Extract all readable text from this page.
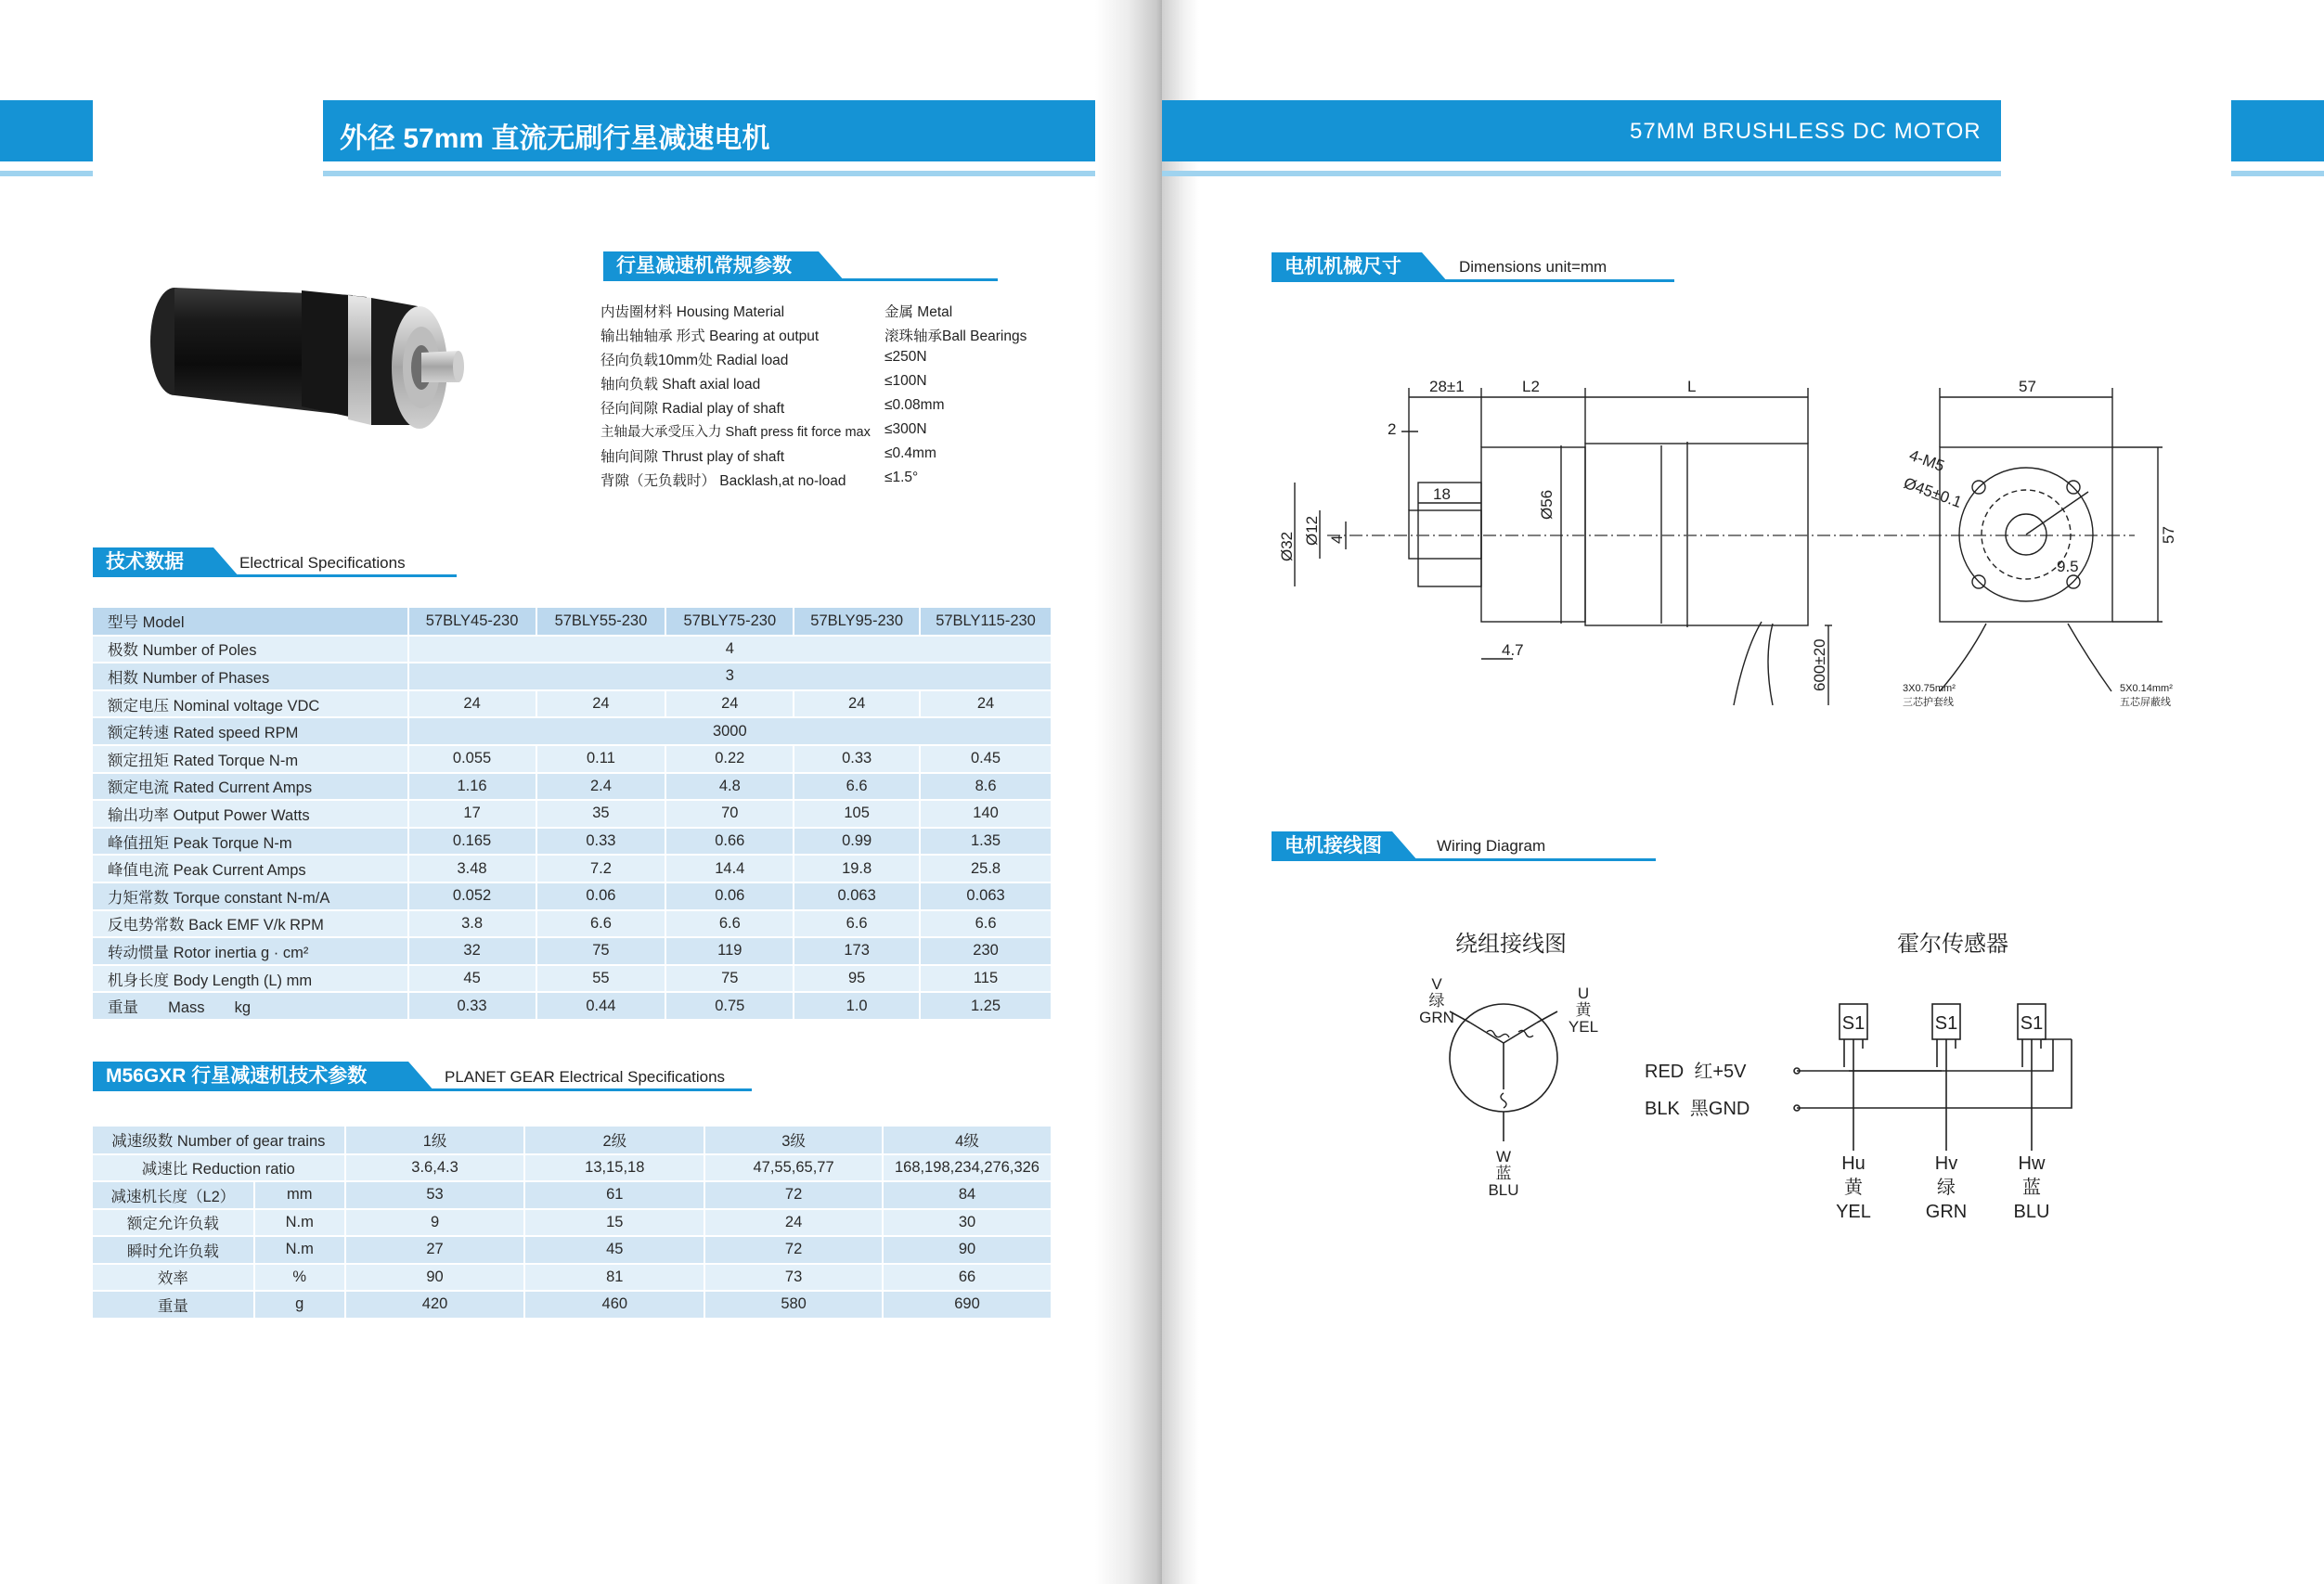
外径 57mm 直流无刷行星减速电机
行星减速机常规参数
内齿圈材料 Housing Material	金属 Metal
输出轴轴承 形式 Bearing at output	滚珠轴承Ball Bearings
径向负载10mm处 Radial load	≤250N
轴向负载 Shaft axial load	≤100N
径向间隙 Radial play of shaft	≤0.08mm
主轴最大承受压入力 Shaft press fit force max ≤300N
轴向间隙 Thrust play of shaft	≤0.4mm
背隙（无负载时） Backlash,at no-load	≤1.5°
技术数据	Electrical Specifications
型号 Model	57BLY45-230	57BLY55-230	57BLY75-230	57BLY95-230	57BLY115-230
极数 Number of Poles	4				
相数 Number of Phases	3				
额定电压 Nominal voltage VDC	24	24	24	24	24
额定转速 Rated speed RPM	3000				
额定扭矩 Rated Torque N-m	0.055	0.11	0.22	0.33	0.45
额定电流 Rated Current Amps	1.16	2.4	4.8	6.6	8.6
输出功率 Output Power Watts	17	35	70	105	140
峰值扭矩 Peak Torque N-m	0.165	0.33	0.66	0.99	1.35
峰值电流 Peak Current Amps	3.48	7.2	14.4	19.8	25.8
力矩常数 Torque constant N-m/A	0.052	0.06	0.06	0.063	0.063
反电势常数 Back EMF V/k RPM	3.8	6.6	6.6	6.6	6.6
转动惯量 Rotor inertia g · cm²	32	75	119	173	230
机身长度 Body Length (L) mm	45	55	75	95	115
重量       Mass       kg	0.33	0.44	0.75	1.0	1.25
M56GXR 行星减速机技术参数	PLANET GEAR Electrical Specifications
减速级数 Number of gear trains		1级	2级	3级	4级
减速比 Reduction ratio		3.6,4.3	13,15,18	47,55,65,77	168,198,234,276,326
减速机长度（L2）	mm	53	61	72	84
额定允许负载	N.m	9	15	24	30
瞬时允许负载	N.m	27	45	72	90
效率	%	90	81	73	66
重量	g	420	460	580	690
57MM BRUSHLESS DC MOTOR
电机机械尺寸	Dimensions unit=mm
28±1	L2	L
2
18	Ø56
4.7
Ø32
Ø12 4
600±20
57
57
4-M5
Ø45±0.1
9.5
3X0.75mm²
三芯护套线
5X0.14mm²
五芯屏蔽线
电机接线图	Wiring Diagram
绕组接线图	霍尔传感器
V
绿
GRN
U
黄
YEL
W
蓝
BLU
S1	S1	S1
Hu
黄
YEL
Hv
绿
GRN
Hw
蓝
BLU
RED  红+5V
BLK  黑GND
